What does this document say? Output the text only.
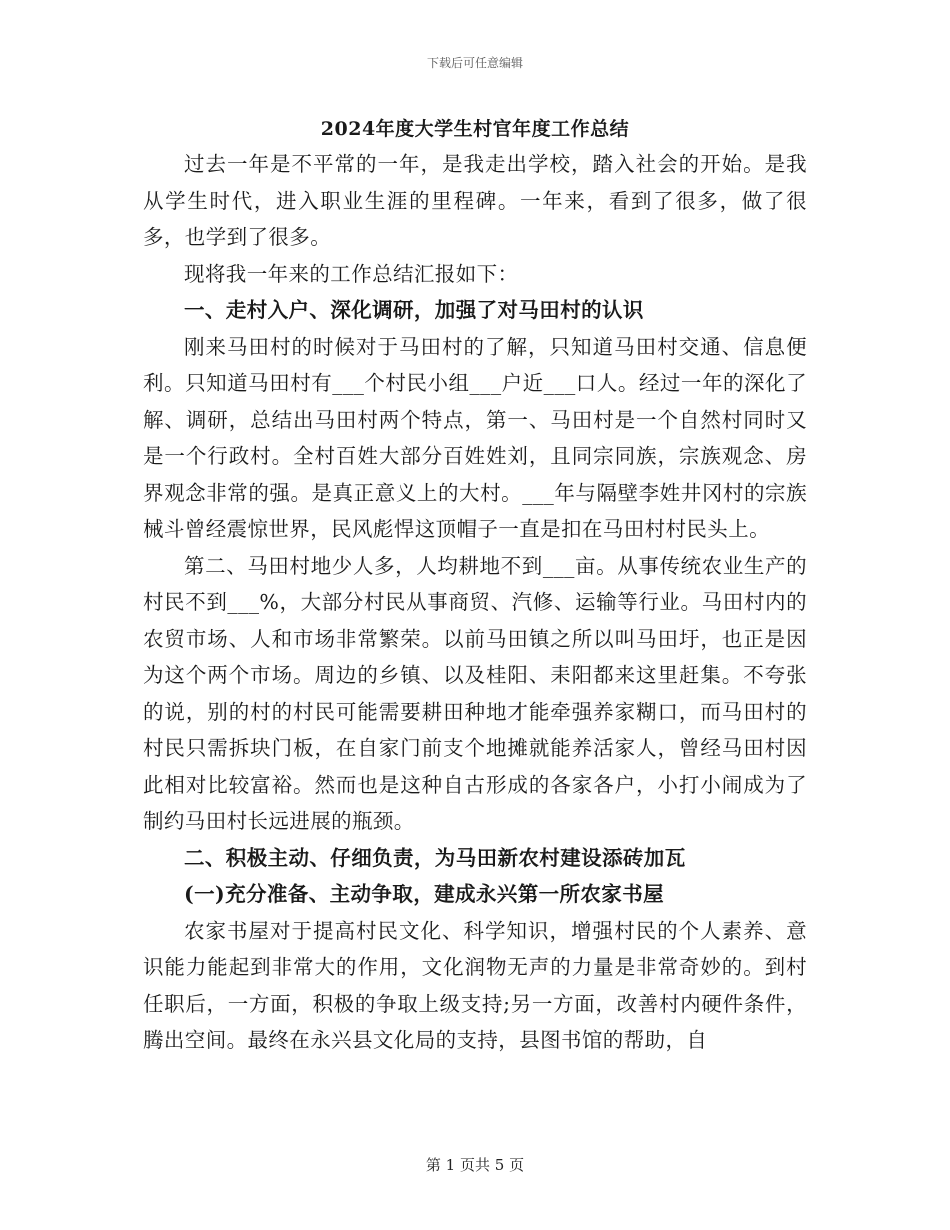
下载后可任意编辑
2024年度大学生村官年度工作总结

过去一年是不平常的一年，是我走出学校，踏入社会的开始。是我从学生时代，进入职业生涯的里程碑。一年来，看到了很多，做了很多，也学到了很多。

现将我一年来的工作总结汇报如下：

一、走村入户、深化调研，加强了对马田村的认识

刚来马田村的时候对于马田村的了解，只知道马田村交通、信息便利。只知道马田村有___个村民小组___户近___口人。经过一年的深化了解、调研，总结出马田村两个特点，第一、马田村是一个自然村同时又是一个行政村。全村百姓大部分百姓姓刘，且同宗同族，宗族观念、房界观念非常的强。是真正意义上的大村。___年与隔壁李姓井冈村的宗族械斗曾经震惊世界，民风彪悍这顶帽子一直是扣在马田村村民头上。

第二、马田村地少人多，人均耕地不到___亩。从事传统农业生产的村民不到___%，大部分村民从事商贸、汽修、运输等行业。马田村内的农贸市场、人和市场非常繁荣。以前马田镇之所以叫马田圩，也正是因为这个两个市场。周边的乡镇、以及桂阳、耒阳都来这里赶集。不夸张的说，别的村的村民可能需要耕田种地才能牵强养家糊口，而马田村的村民只需拆块门板，在自家门前支个地摊就能养活家人，曾经马田村因此相对比较富裕。然而也是这种自古形成的各家各户，小打小闹成为了制约马田村长远进展的瓶颈。

二、积极主动、仔细负责，为马田新农村建设添砖加瓦

(一)充分准备、主动争取，建成永兴第一所农家书屋

农家书屋对于提高村民文化、科学知识，增强村民的个人素养、意识能力能起到非常大的作用，文化润物无声的力量是非常奇妙的。到村任职后，一方面，积极的争取上级支持;另一方面，改善村内硬件条件，腾出空间。最终在永兴县文化局的支持，县图书馆的帮助，自

第 1 页共 5 页
